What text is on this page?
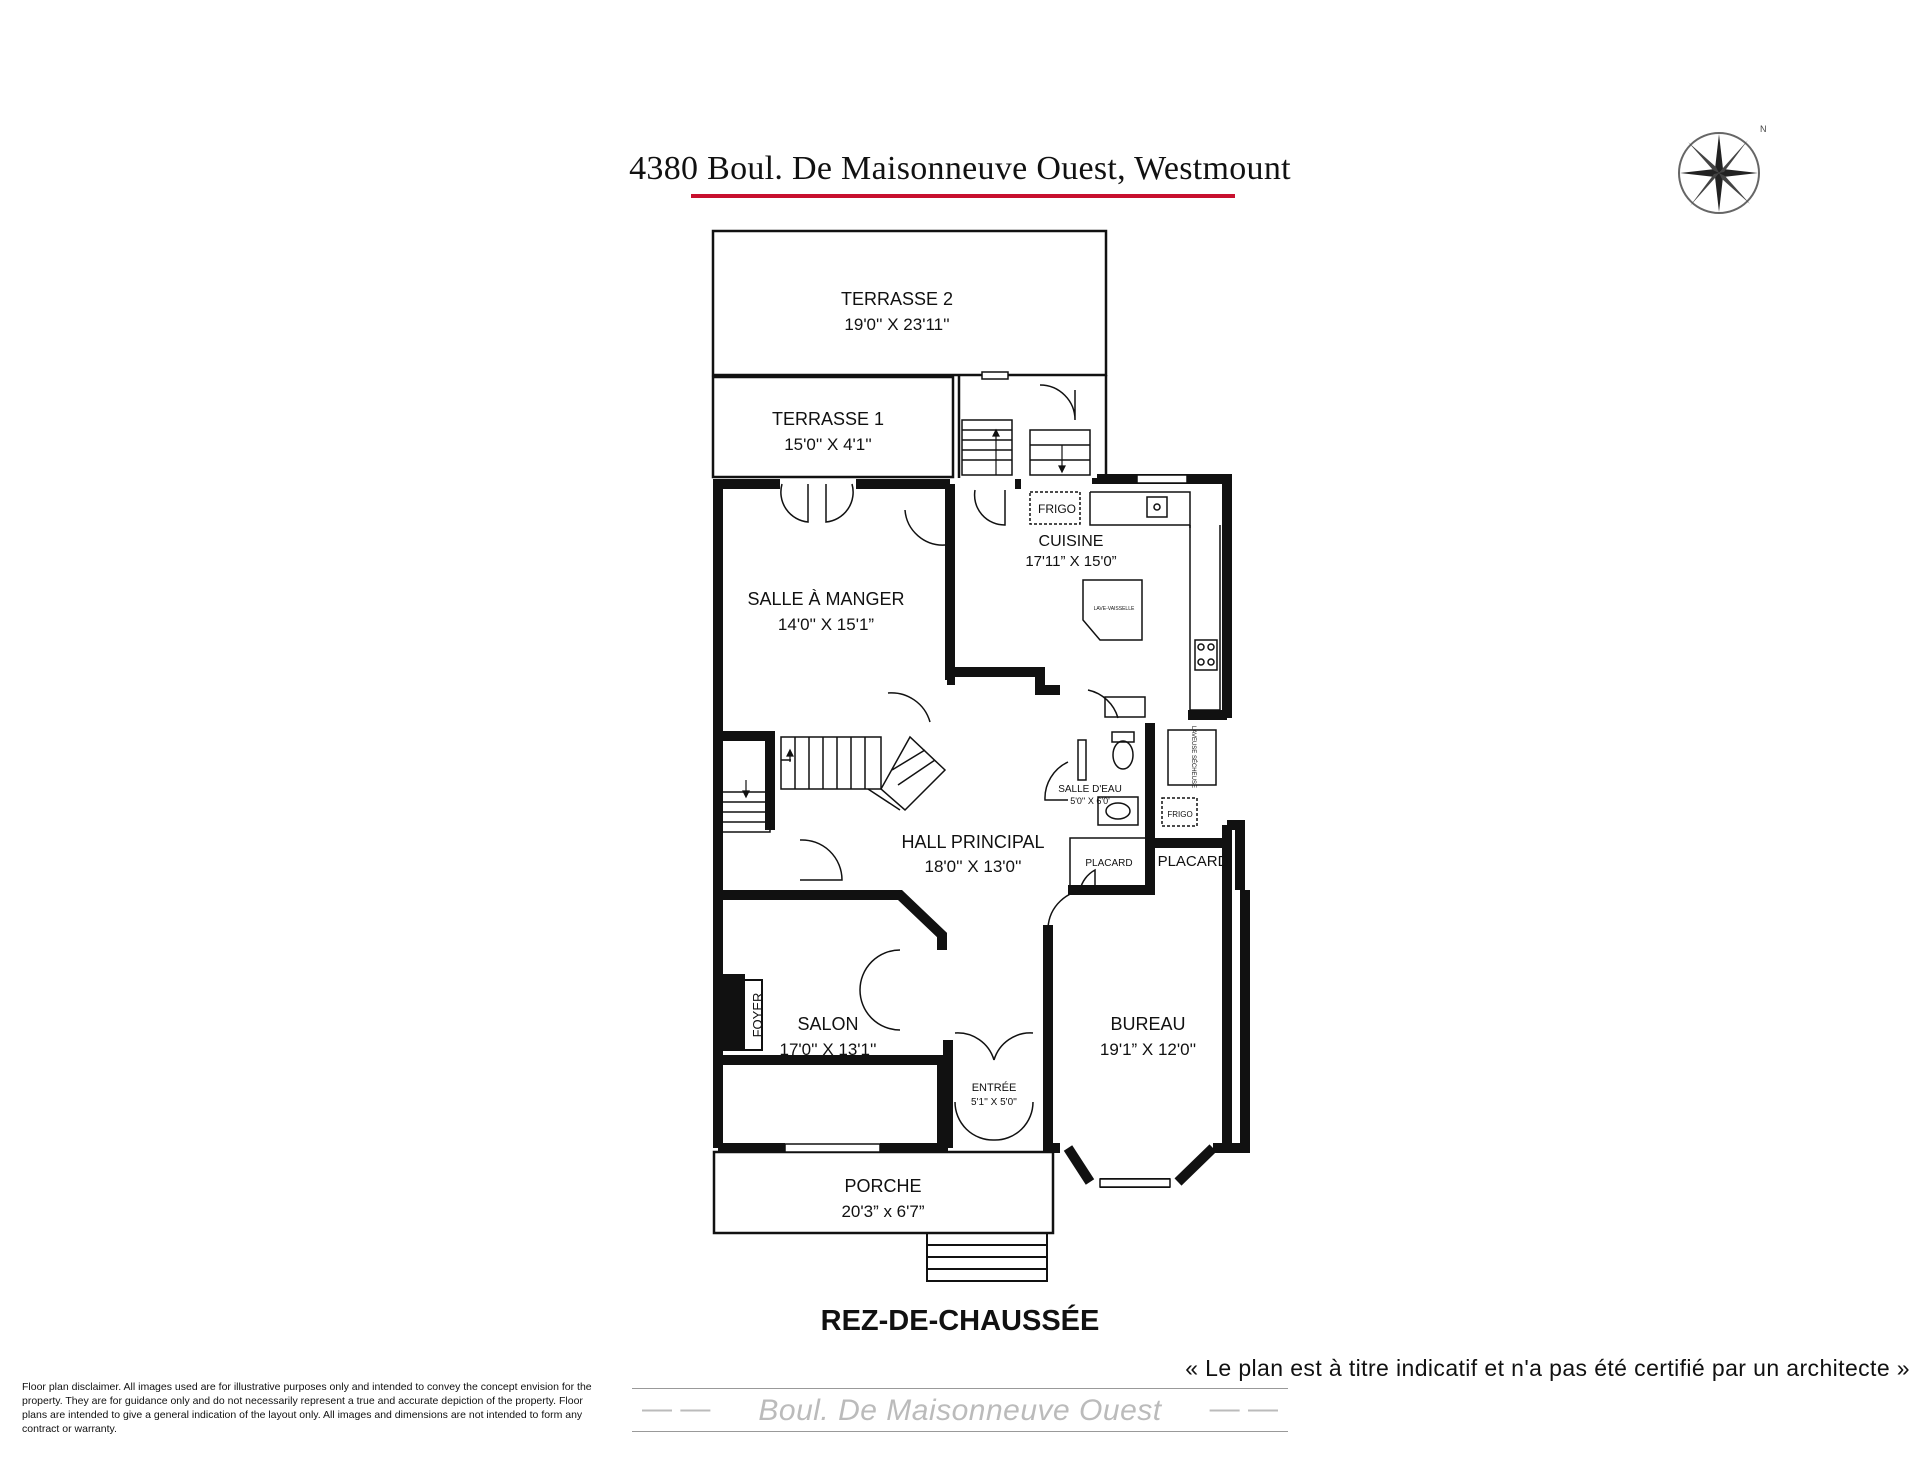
4380 Boul. De Maisonneuve Ouest, Westmount
N
TERRASSE 2
19'0'' X 23'11''
TERRASSE 1
15'0'' X 4'1''
SALLE À MANGER
14'0'' X 15'1”
CUISINE
17'11” X 15'0”
HALL PRINCIPAL
18'0'' X 13'0''
SALLE D'EAU
5'0'' X 6'0'
SALON
17'0'' X 13'1''
BUREAU
19'1” X 12'0''
ENTRÉE
5'1'' X 5'0''
PORCHE
20'3” x 6'7”
FRIGO
FRIGO
PLACARD PLACARD
LAVE-VAISSELLE
FOYER
LAVEUSE SÉCHEUSE
REZ-DE-CHAUSSÉE
« Le plan est à titre indicatif et n'a pas été certifié par un architecte »
— —	Boul. De Maisonneuve Ouest	— —
Floor plan disclaimer. All images used are for illustrative purposes only and intended to convey the concept envision for the property. They are for guidance only and do not necessarily represent a true and accurate depiction of the property. Floor plans are intended to give a general indication of the layout only. All images and dimensions are not intended to form any contract or warranty.
